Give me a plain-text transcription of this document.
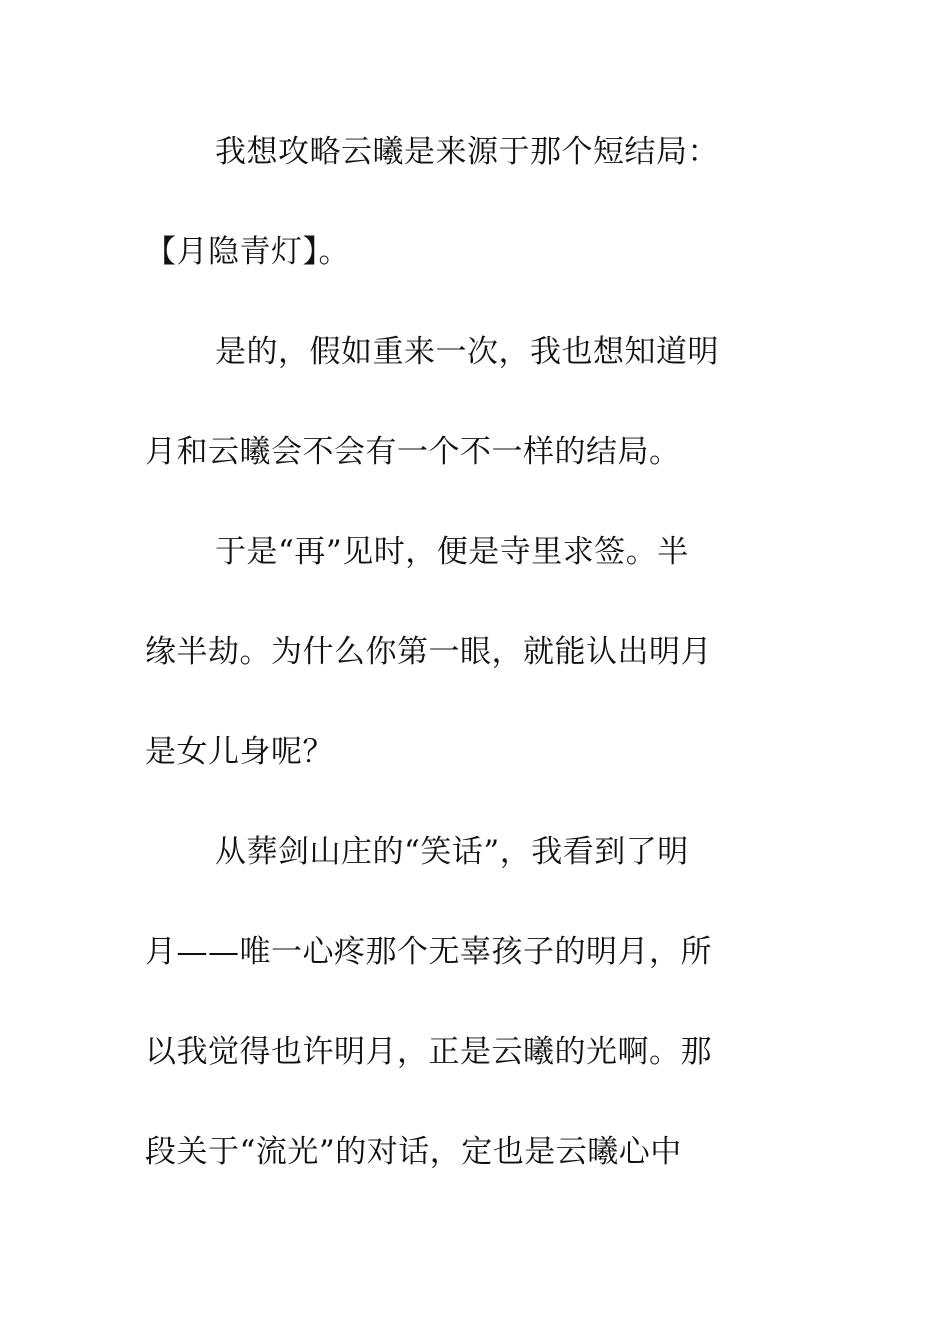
我想攻略云曦是来源于那个短结局：
【月隐青灯】。
是的，假如重来一次，我也想知道明
月和云曦会不会有一个不一样的结局。
于是“再”见时，便是寺里求签。半
缘半劫。为什么你第一眼，就能认出明月
是女儿身呢？
从葬剑山庄的“笑话”，我看到了明
月——唯一心疼那个无辜孩子的明月，所
以我觉得也许明月，正是云曦的光啊。那
段关于“流光”的对话，定也是云曦心中
